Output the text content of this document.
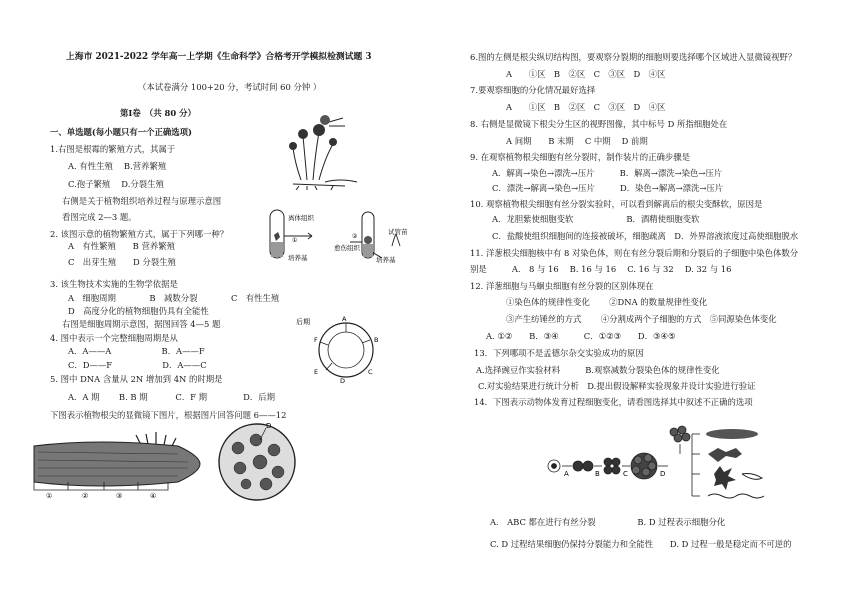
上海市 2021-2022 学年高一上学期《生命科学》合格考开学模拟检测试题 3
（本试卷满分 100+20 分，考试时间 60 分钟 ）
第Ⅰ卷　（共 80 分）
一、单选题(每小题只有一个正确选项)
1.右图是根霉的繁殖方式，其属于
A. 有性生殖　 B.营养繁殖
C.孢子繁殖　 D.分裂生殖
右侧是关于植物组织培养过程与原理示意图
看图完成 2—3 题。
2. 该图示意的植物繁殖方式，属于下列哪一种？
A　有性繁殖　　B 营养繁殖
C　出芽生殖　　D 分裂生殖
3. 该生物技术实施的生物学依据是
A　细胞周期　　　　B　减数分裂　　　　C　有性生殖
D　高度分化的植物细胞仍具有全能性
右图是细胞周期示意图，据图回答 4—5 题
4. 图中表示一个完整细胞周期是从
A．A——A　　　　　　B．A——F
C．D——F　　　　　　D．A——C
5. 图中 DNA 含量从 2N 增加到 4N 的时期是
A．A 期　　 B. B 期　　　 C．F 期　　　　 D．后期
下图表示植物根尖的显微镜下图片，根据图片回答问题 6——12
离体组织
①
培养基
愈伤组织
②
培养基
试管苗
后期	A
B
C
D
E
F
①	②	③	④
D
6.图的左侧是根尖纵切结构图，要观察分裂期的细胞则要选择哪个区域进入显微镜视野？
A　　①区　B　②区　C　③区　D　④区
7.要观察细胞的分化情况最好选择
A　　①区　B　②区　C　③区　D　④区
8. 右侧是显微镜下根尖分生区的视野图像，其中标号 D 所指细胞处在
A 间期　　B 末期　 C 中期　 D 前期
9. 在观察植物根尖细胞有丝分裂时，制作装片的正确步骤是
A．解离→染色→漂洗→压片　　　B．解离→漂洗→染色→压片
C．漂洗→解离→染色→压片　　　D．染色→解离→漂洗→压片
10. 观察植物根尖细胞有丝分裂实验时，可以看到解离后的根尖变酥软，原因是
A．龙胆紫使细胞变软　　　　　　 B．酒精使细胞变软
C．盐酸使组织细胞间的连接被破坏，细胞疏离　D．外界溶液浓度过高使细胞脱水
11. 洋葱根尖细胞核中有 8 对染色体，则在有丝分裂后期和分裂后的子细胞中染色体数分
别是　　　A.　8 与 16　 B. 16 与 16　 C. 16 与 32　 D. 32 与 16
12. 洋葱细胞与马蛔虫细胞有丝分裂的区别体现在
①染色体的规律性变化　　 ②DNA 的数量规律性变化
③产生纺锤丝的方式　　 ④分割成两个子细胞的方式　⑤同源染色体变化
A. ①②　　B．③④　　　C．①②③　　D．③④⑤
13．下列哪项不是孟德尔杂交实验成功的原因
A.选择豌豆作实验材料　　　B.观察减数分裂染色体的规律性变化
C.对实验结果进行统计分析　D.提出假设解释实验现象并设计实验进行验证
14．下图表示动物体发育过程细胞变化，请看图选择其中叙述不正确的选项
A	B	C	D
A.　ABC 都在进行有丝分裂　　　　　B. D 过程表示细胞分化
C. D 过程结果细胞仍保持分裂能力和全能性　　D. D 过程一般是稳定而不可逆的
